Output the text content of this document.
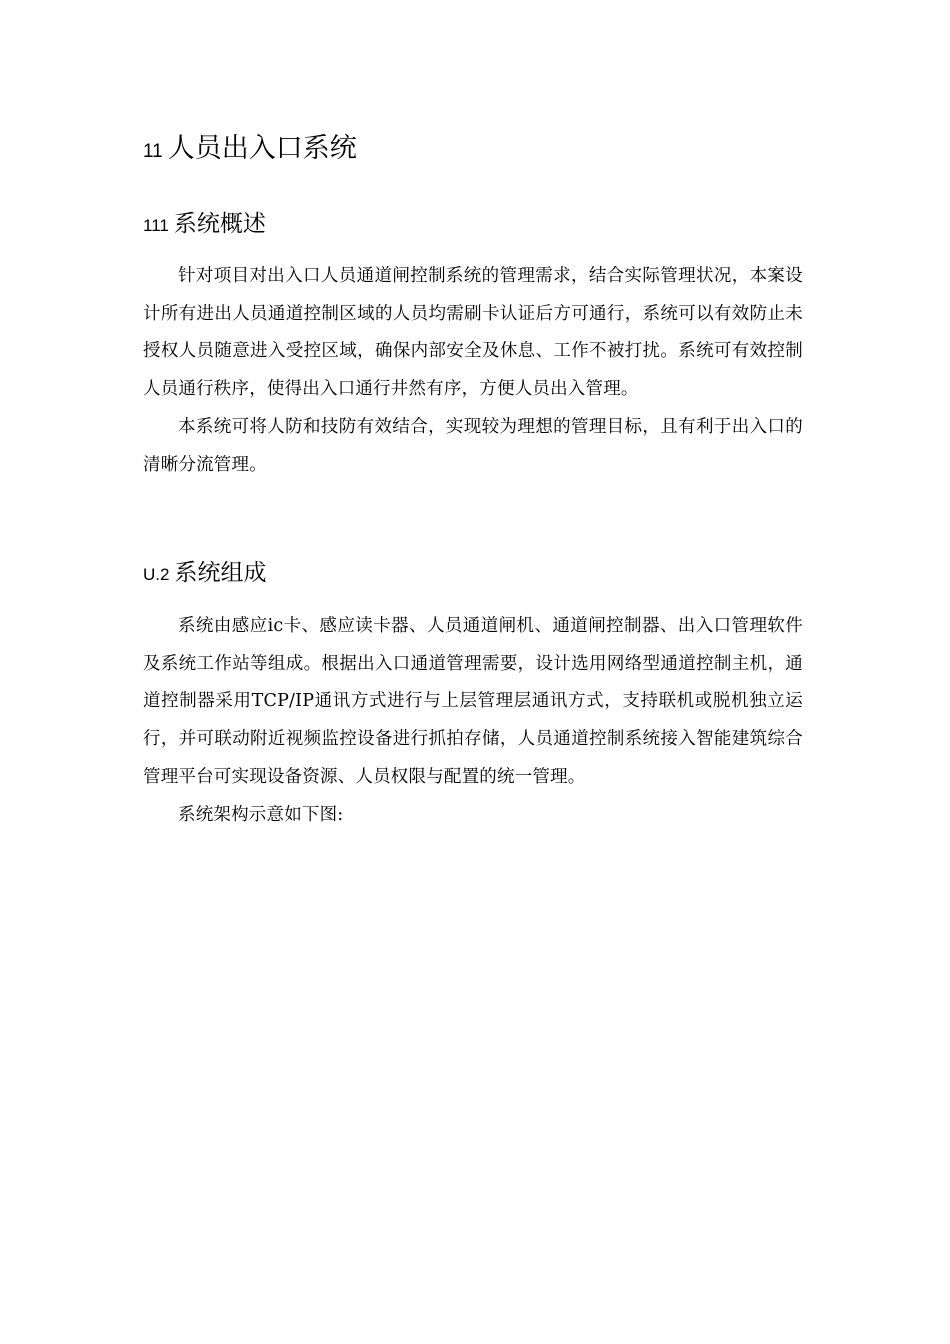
11 人员出入口系统
111 系统概述

针对项目对出入口人员通道闸控制系统的管理需求，结合实际管理状况，本案设计所有进出人员通道控制区域的人员均需刷卡认证后方可通行，系统可以有效防止未授权人员随意进入受控区域，确保内部安全及休息、工作不被打扰。系统可有效控制人员通行秩序，使得出入口通行井然有序，方便人员出入管理。

本系统可将人防和技防有效结合，实现较为理想的管理目标，且有利于出入口的清晰分流管理。

U.2 系统组成

系统由感应ic卡、感应读卡器、人员通道闸机、通道闸控制器、出入口管理软件及系统工作站等组成。根据出入口通道管理需要，设计选用网络型通道控制主机，通道控制器采用TCP/IP通讯方式进行与上层管理层通讯方式，支持联机或脱机独立运行，并可联动附近视频监控设备进行抓拍存储，人员通道控制系统接入智能建筑综合管理平台可实现设备资源、人员权限与配置的统一管理。

系统架构示意如下图:
